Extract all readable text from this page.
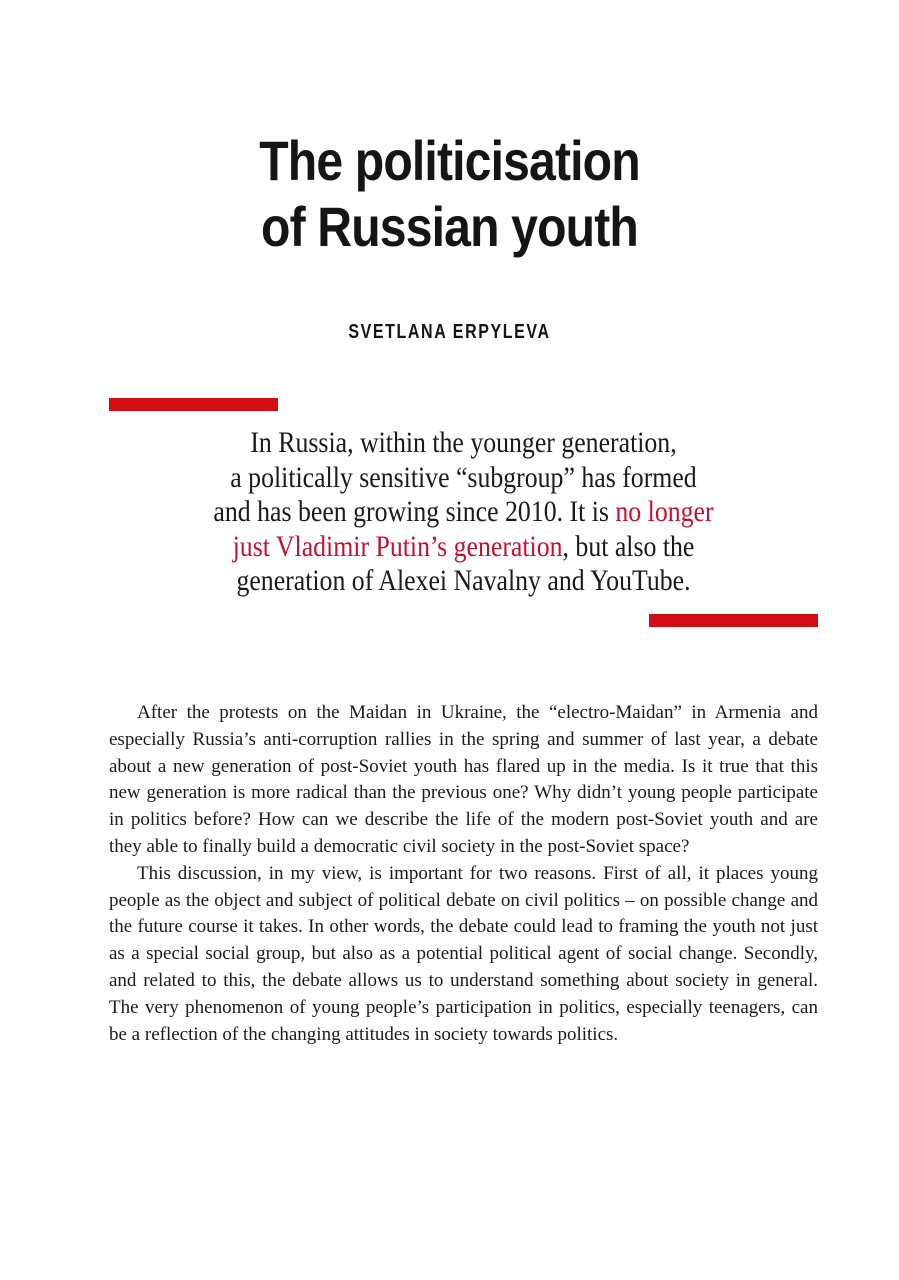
The politicisation
of Russian youth
SVETLANA ERPYLEVA
In Russia, within the younger generation,
a politically sensitive “subgroup” has formed
and has been growing since 2010. It is no longer
just Vladimir Putin’s generation, but also the
generation of Alexei Navalny and YouTube.

After the protests on the Maidan in Ukraine, the “electro-Maidan” in Armenia and especially Russia’s anti-corruption rallies in the spring and summer of last year, a debate about a new generation of post-Soviet youth has flared up in the media. Is it true that this new generation is more radical than the previous one? Why didn’t young people participate in politics before? How can we describe the life of the modern post-Soviet youth and are they able to finally build a democratic civil society in the post-Soviet space?

This discussion, in my view, is important for two reasons. First of all, it places young people as the object and subject of political debate on civil politics – on possible change and the future course it takes. In other words, the debate could lead to framing the youth not just as a special social group, but also as a potential political agent of social change. Secondly, and related to this, the debate allows us to understand something about society in general. The very phenomenon of young people’s participation in politics, especially teenagers, can be a reflection of the changing attitudes in society towards politics.
